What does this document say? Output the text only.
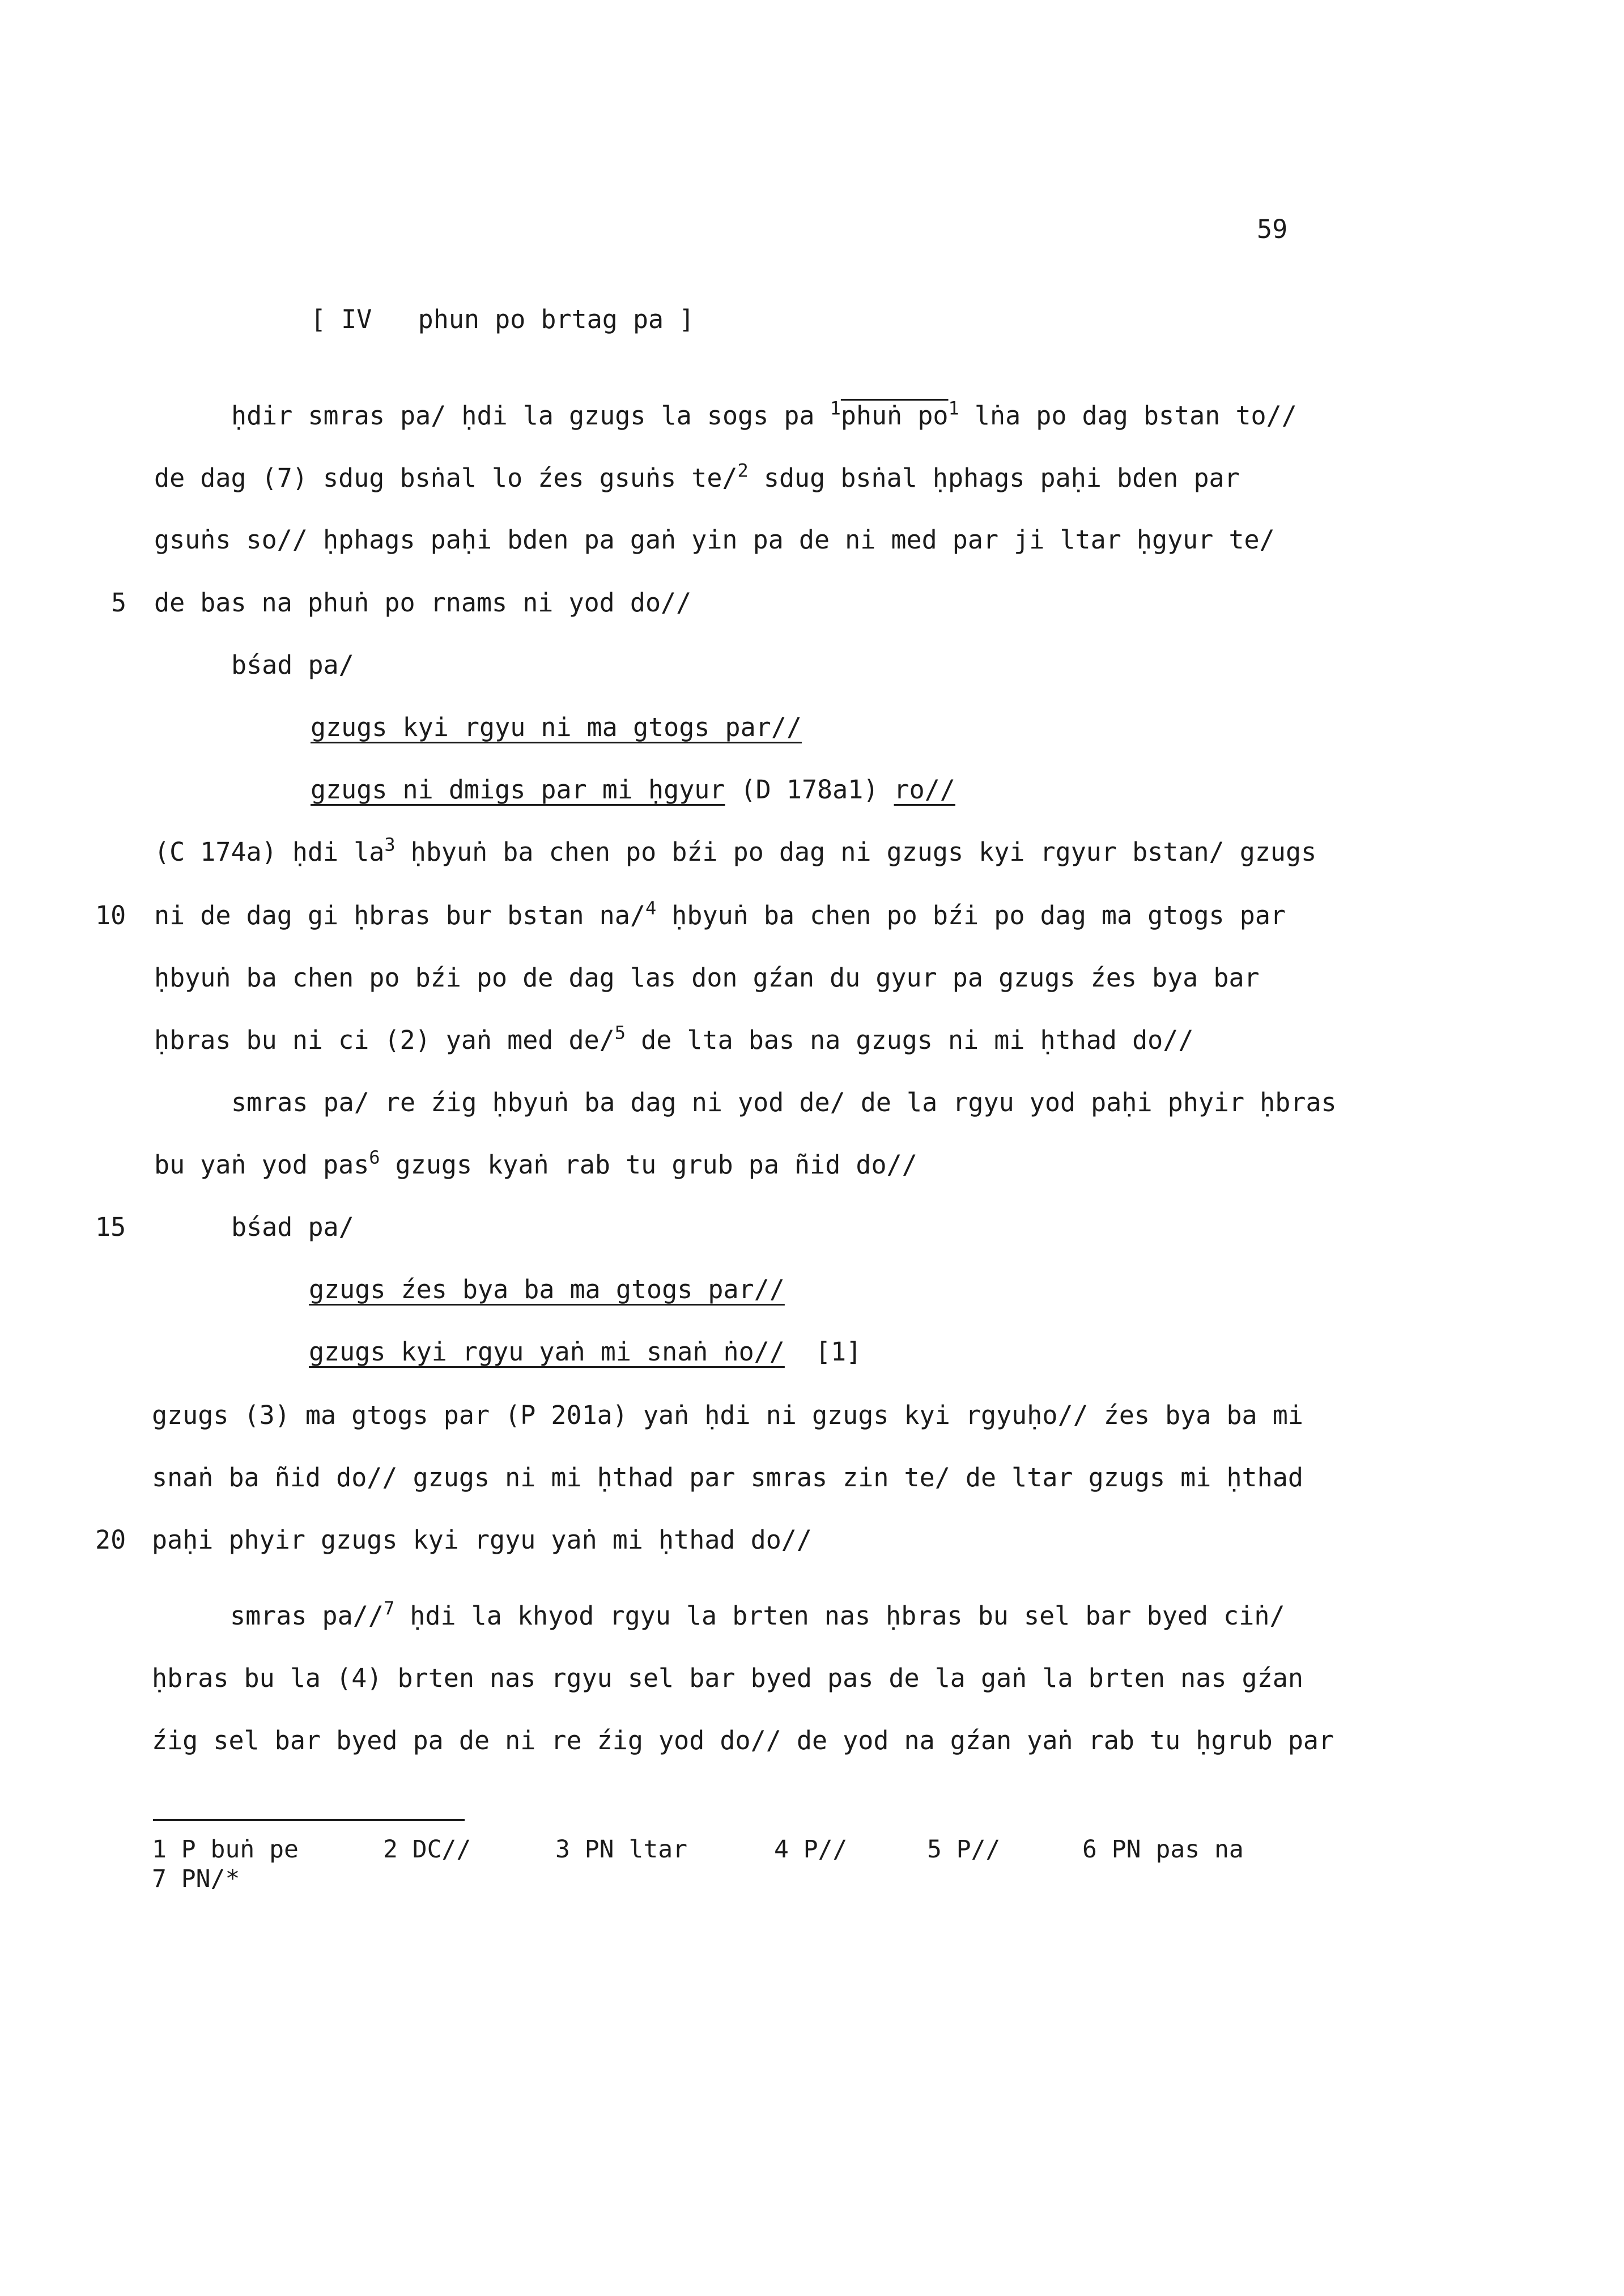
59
[ IV   phun po brtag pa ]
ḥdir smras pa/ ḥdi la gzugs la sogs pa $^1$phuṅ $po^1$ lṅa po dag bstan to//
de dag (7) sdug bsṅal lo źes gsuṅs te/$^2$ sdug bsṅal ḥphags paḥi bden par
gsuṅs so// ḥphags paḥi bden pa gaṅ yin pa de ni med par ji ltar ḥgyur te/
5 de bas na phuṅ po rnams ni yod do//
bśad pa/
gzugs kyi rgyu ni ma gtogs par//
gzugs ni dmigs par mi ḥgyur (D 178a1) ro//
(C 174a) ḥdi $la^3$ ḥbyuṅ ba chen po bźi po dag ni gzugs kyi rgyur bstan/ gzugs
10 ni de dag gi ḥbras bur bstan na/$^4$ ḥbyuṅ ba chen po bźi po dag ma gtogs par
ḥbyuṅ ba chen po bźi po de dag las don gźan du gyur pa gzugs źes bya bar
ḥbras bu ni ci (2) yaṅ med de/$^5$ de lta bas na gzugs ni mi ḥthad do//
smras pa/ re źig ḥbyuṅ ba dag ni yod de/ de la rgyu yod paḥi phyir ḥbras
bu yaṅ yod pas$^6$ gzugs kyaṅ rab tu grub pa ñid do//
15	bśad pa/
gzugs źes bya ba ma gtogs par//
gzugs kyi rgyu yaṅ mi snaṅ ṅo//  [1]
gzugs (3) ma gtogs par (P 201a) yaṅ ḥdi ni gzugs kyi rgyuḥo// źes bya ba mi
snaṅ ba ñid do// gzugs ni mi ḥthad par smras zin te/ de ltar gzugs mi ḥthad
20 paḥi phyir gzugs kyi rgyu yaṅ mi ḥthad do//
smras pa//$^7$ ḥdi la khyod rgyu la brten nas ḥbras bu sel bar byed ciṅ/
ḥbras bu la (4) brten nas rgyu sel bar byed pas de la gaṅ la brten nas gźan
źig sel bar byed pa de ni re źig yod do// de yod na gźan yaṅ rab tu ḥgrub par
1 P buṅ pe	2 DC//	3 PN ltar	4 P//	5 P//	6 PN pas na
7 PN/*
